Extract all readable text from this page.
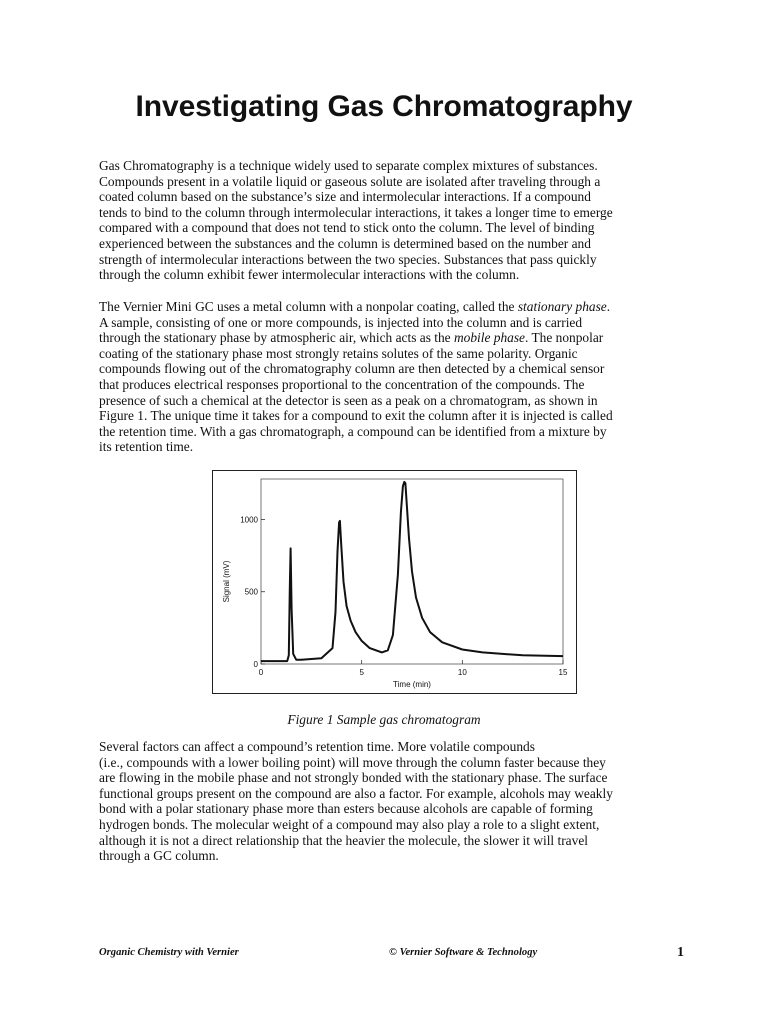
Investigating Gas Chromatography
Gas Chromatography is a technique widely used to separate complex mixtures of substances.
Compounds present in a volatile liquid or gaseous solute are isolated after traveling through a
coated column based on the substance’s size and intermolecular interactions. If a compound
tends to bind to the column through intermolecular interactions, it takes a longer time to emerge
compared with a compound that does not tend to stick onto the column. The level of binding
experienced between the substances and the column is determined based on the number and
strength of intermolecular interactions between the two species. Substances that pass quickly
through the column exhibit fewer intermolecular interactions with the column.
The Vernier Mini GC uses a metal column with a nonpolar coating, called the stationary phase.
A sample, consisting of one or more compounds, is injected into the column and is carried
through the stationary phase by atmospheric air, which acts as the mobile phase. The nonpolar
coating of the stationary phase most strongly retains solutes of the same polarity. Organic
compounds flowing out of the chromatography column are then detected by a chemical sensor
that produces electrical responses proportional to the concentration of the compounds. The
presence of such a chemical at the detector is seen as a peak on a chromatogram, as shown in
Figure 1. The unique time it takes for a compound to exit the column after it is injected is called
the retention time. With a gas chromatograph, a compound can be identified from a mixture by
its retention time.
0	5	10	15
0
500
1000
Time (min)
Signal (mV)

Figure 1 Sample gas chromatogram

Several factors can affect a compound’s retention time. More volatile compounds
(i.e., compounds with a lower boiling point) will move through the column faster because they
are flowing in the mobile phase and not strongly bonded with the stationary phase. The surface
functional groups present on the compound are also a factor. For example, alcohols may weakly
bond with a polar stationary phase more than esters because alcohols are capable of forming
hydrogen bonds. The molecular weight of a compound may also play a role to a slight extent,
although it is not a direct relationship that the heavier the molecule, the slower it will travel
through a GC column.

Organic Chemistry with Vernier	© Vernier Software & Technology	1
